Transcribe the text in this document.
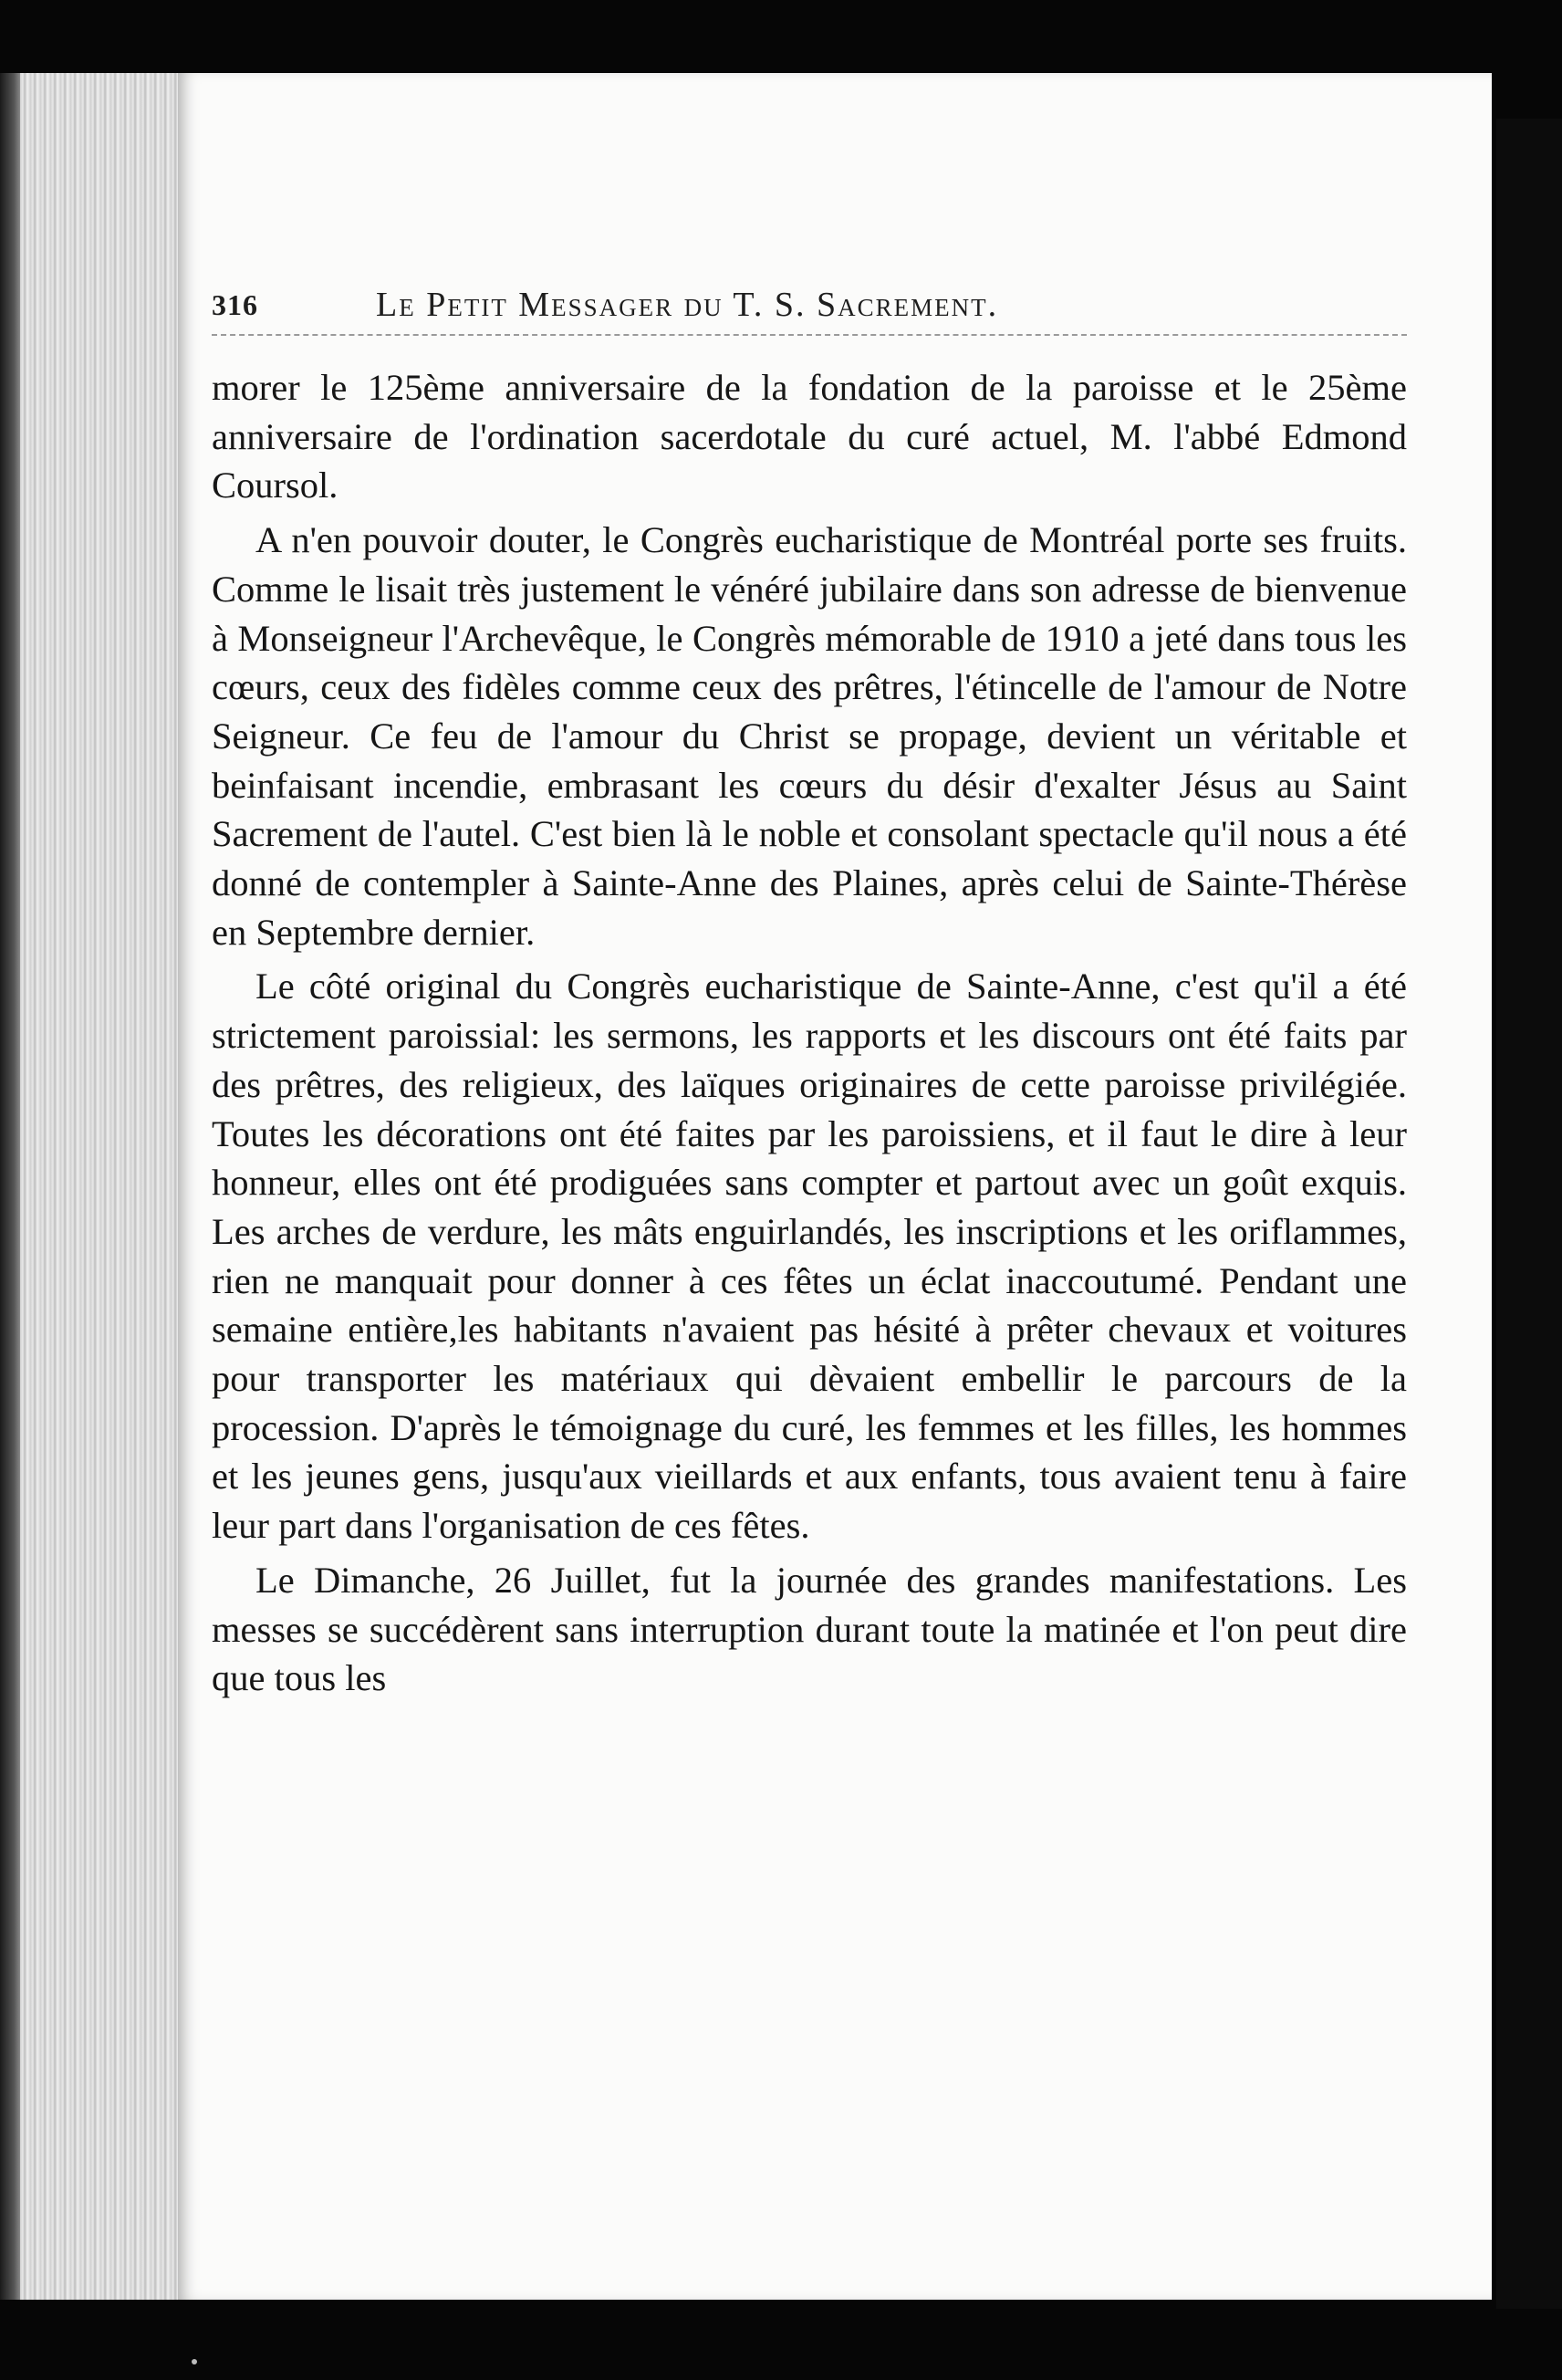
316	Le Petit Messager du T. S. Sacrement.

morer le 125ème anniversaire de la fondation de la paroisse et le 25ème anniversaire de l'ordination sacerdotale du curé actuel, M. l'abbé Edmond Coursol.

A n'en pouvoir douter, le Congrès eucharistique de Montréal porte ses fruits. Comme le lisait très justement le vénéré jubilaire dans son adresse de bienvenue à Monseigneur l'Archevêque, le Congrès mémorable de 1910 a jeté dans tous les cœurs, ceux des fidèles comme ceux des prêtres, l'étincelle de l'amour de Notre Seigneur. Ce feu de l'amour du Christ se propage, devient un véritable et beinfaisant incendie, embrasant les cœurs du désir d'exalter Jésus au Saint Sacrement de l'autel. C'est bien là le noble et consolant spectacle qu'il nous a été donné de contempler à Sainte-Anne des Plaines, après celui de Sainte-Thérèse en Septembre dernier.

Le côté original du Congrès eucharistique de Sainte-Anne, c'est qu'il a été strictement paroissial: les sermons, les rapports et les discours ont été faits par des prêtres, des religieux, des laïques originaires de cette paroisse privilégiée. Toutes les décorations ont été faites par les paroissiens, et il faut le dire à leur honneur, elles ont été prodiguées sans compter et partout avec un goût exquis. Les arches de verdure, les mâts enguirlandés, les inscriptions et les oriflammes, rien ne manquait pour donner à ces fêtes un éclat inaccoutumé. Pendant une semaine entière,les habitants n'avaient pas hésité à prêter chevaux et voitures pour transporter les matériaux qui dèvaient embellir le parcours de la procession. D'après le témoignage du curé, les femmes et les filles, les hommes et les jeunes gens, jusqu'aux vieillards et aux enfants, tous avaient tenu à faire leur part dans l'organisation de ces fêtes.

Le Dimanche, 26 Juillet, fut la journée des grandes manifestations. Les messes se succédèrent sans interruption durant toute la matinée et l'on peut dire que tous les
